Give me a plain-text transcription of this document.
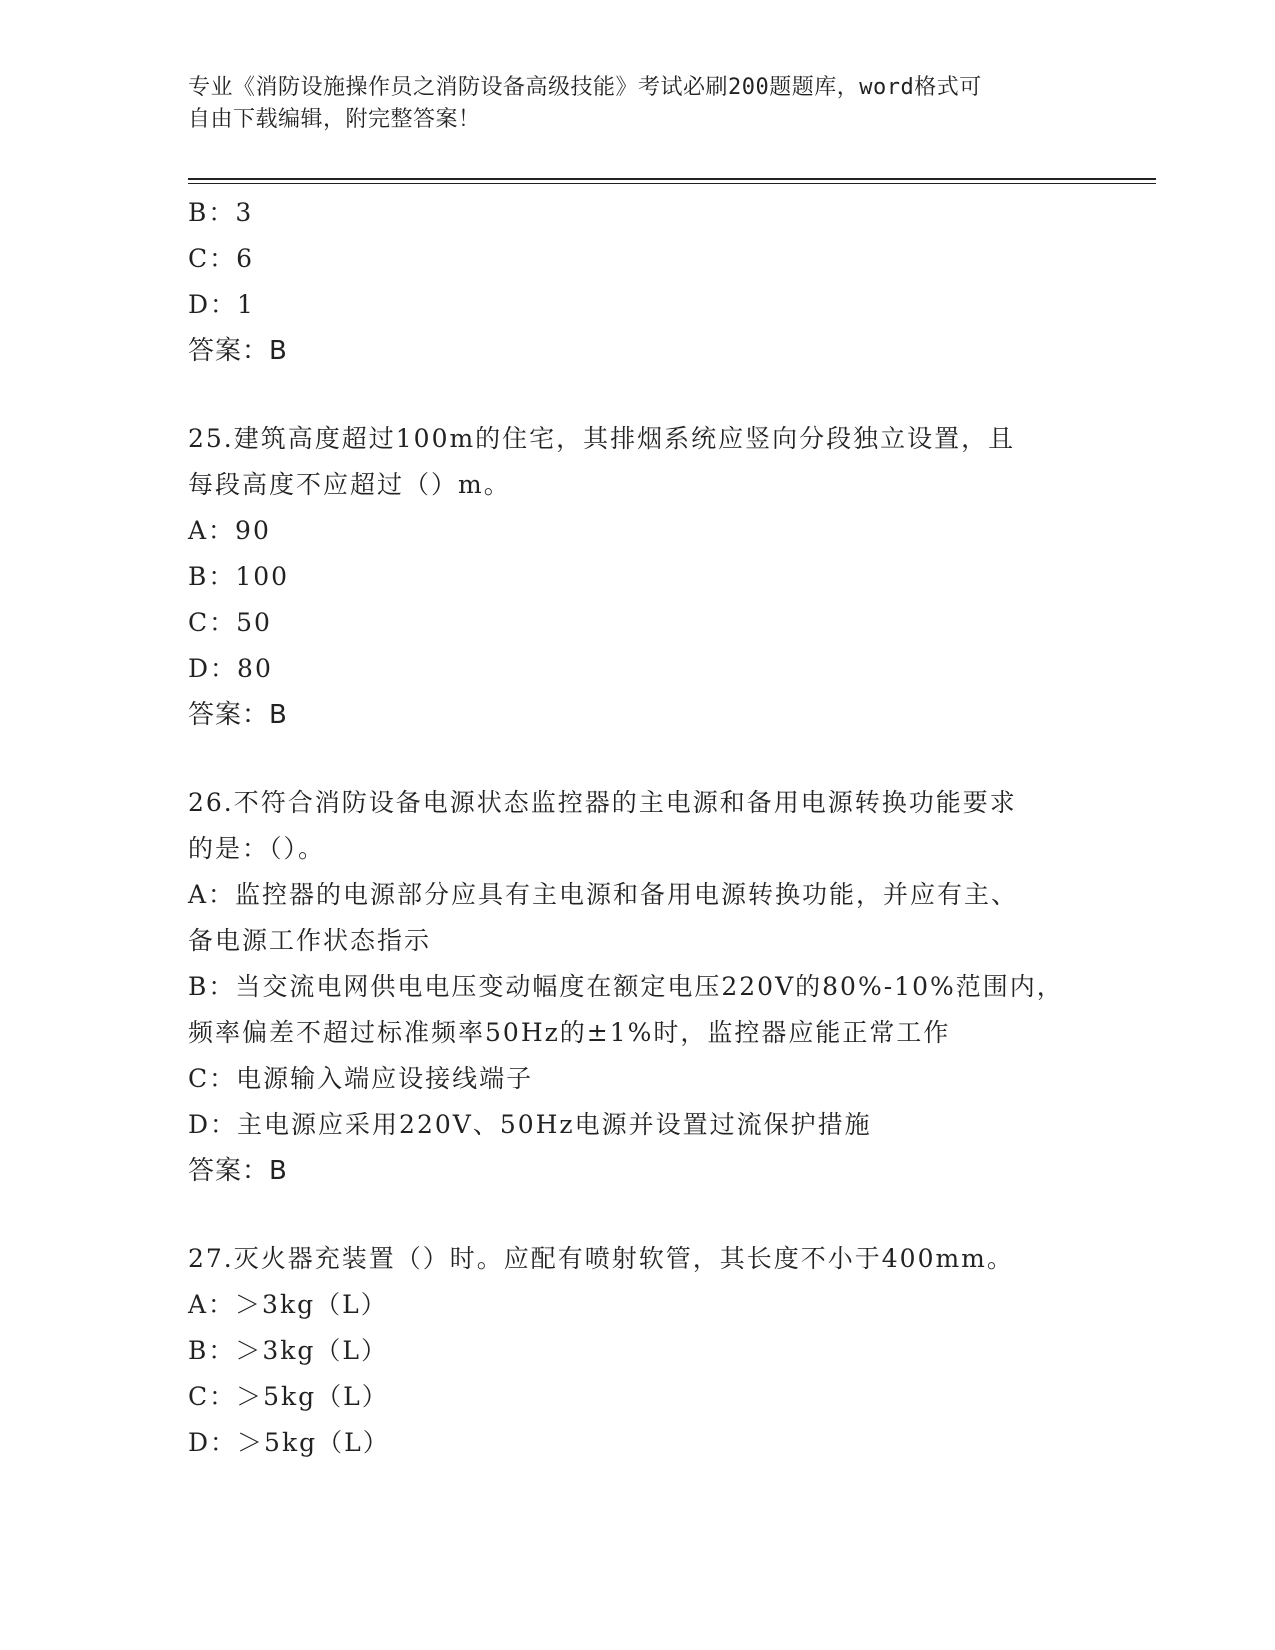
专业《消防设施操作员之消防设备高级技能》考试必刷200题题库，word格式可
自由下载编辑，附完整答案！
B：3
C：6
D：1
答案：B
25.建筑高度超过100m的住宅，其排烟系统应竖向分段独立设置，且
每段高度不应超过（）m。
A：90
B：100
C：50
D：80
答案：B
26.不符合消防设备电源状态监控器的主电源和备用电源转换功能要求
的是：（）。
A：监控器的电源部分应具有主电源和备用电源转换功能，并应有主、
备电源工作状态指示
B：当交流电网供电电压变动幅度在额定电压220V的80%-10%范围内，
频率偏差不超过标准频率50Hz的±1%时，监控器应能正常工作
C：电源输入端应设接线端子
D：主电源应采用220V、50Hz电源并设置过流保护措施
答案：B
27.灭火器充装置（）时。应配有喷射软管，其长度不小于400mm。
A：＞3kg（L）
B：＞3kg（L）
C：＞5kg（L）
D：＞5kg（L）
